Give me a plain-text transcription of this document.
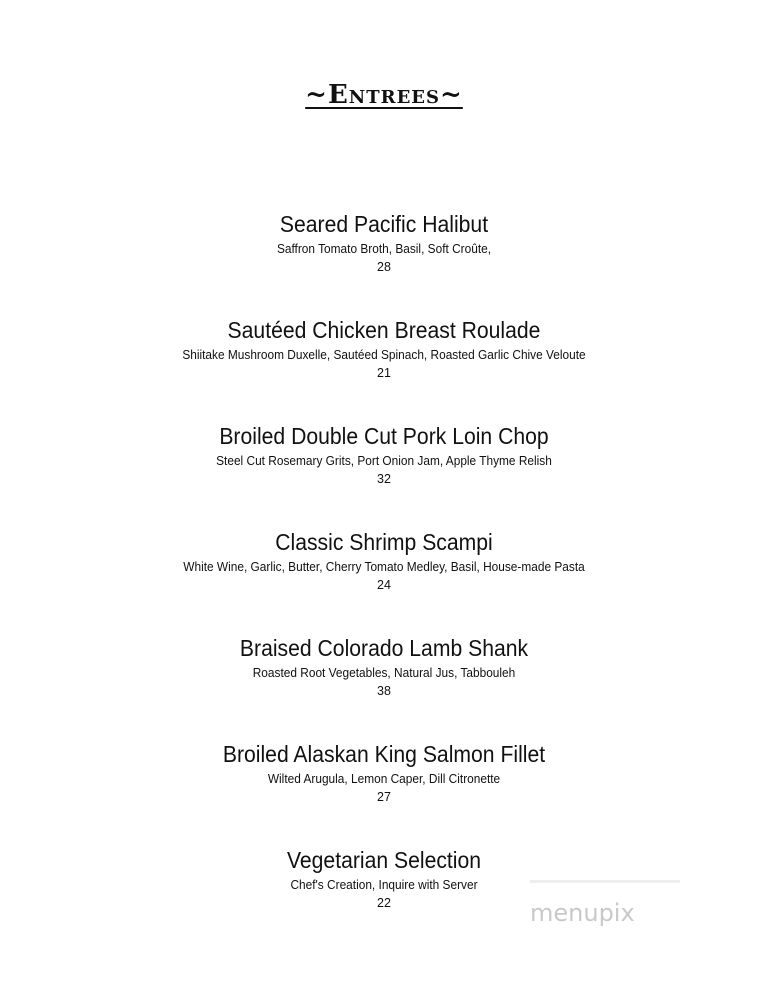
~Entrees~
Seared Pacific Halibut
Saffron Tomato Broth, Basil, Soft Croûte,
28
Sautéed Chicken Breast Roulade
Shiitake Mushroom Duxelle, Sautéed Spinach, Roasted Garlic Chive Veloute
21
Broiled Double Cut Pork Loin Chop
Steel Cut Rosemary Grits, Port Onion Jam, Apple Thyme Relish
32
Classic Shrimp Scampi
White Wine, Garlic, Butter, Cherry Tomato Medley, Basil, House-made Pasta
24
Braised Colorado Lamb Shank
Roasted Root Vegetables, Natural Jus, Tabbouleh
38
Broiled Alaskan King Salmon Fillet
Wilted Arugula, Lemon Caper, Dill Citronette
27
Vegetarian Selection
Chef's Creation, Inquire with Server
22	menupix
